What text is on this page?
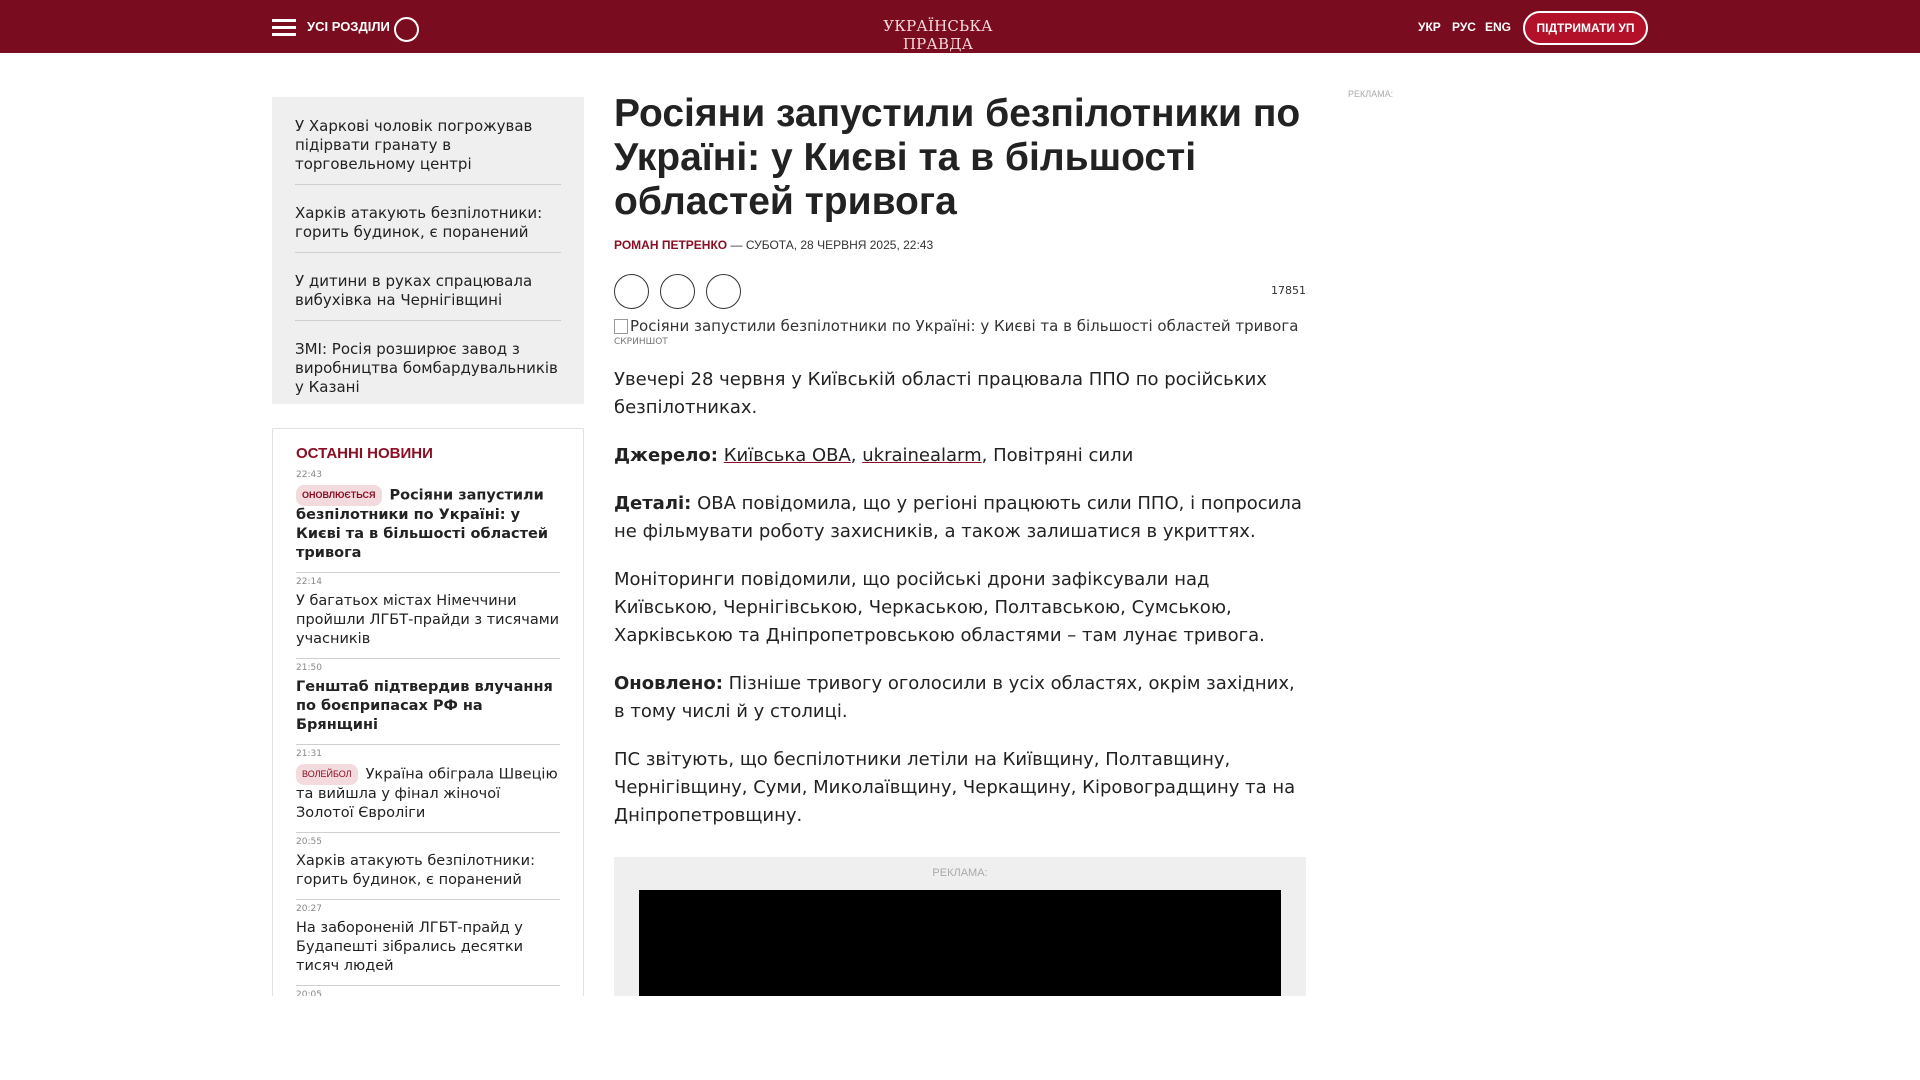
УСІ РОЗДІЛИ	УКРАЇНСЬКА ПРАВДА
УКР РУС ENG	ПІДТРИМАТИ УП
У Харкові чоловік погрожував підірвати гранату в торговельному центрі
Харків атакують безпілотники: горить будинок, є поранений
У дитини в руках спрацювала вибухівка на Чернігівщині
ЗМІ: Росія розширює завод з виробництва бомбардувальників у Казані
ОСТАННІ НОВИНИ
22:43
ОНОВЛЮЄТЬСЯ Росіяни запустили безпілотники по Україні: у Києві та в більшості областей тривога
22:14
У багатьох містах Німеччини пройшли ЛГБТ-прайди з тисячами учасників
21:50
Генштаб підтвердив влучання по боєприпасах РФ на Брянщині
21:31
ВОЛЕЙБОЛ Україна обіграла Швецію та вийшла у фінал жіночої Золотої Євроліги
20:55
Харків атакують безпілотники: горить будинок, є поранений
20:27
На забороненій ЛГБТ-прайд у Будапешті зібрались десятки тисяч людей
20:05
Росіяни запустили безпілотники по Україні: у Києві та в більшості областей тривога
РОМАН ПЕТРЕНКО — СУБОТА, 28 ЧЕРВНЯ 2025, 22:43
17851
Росіяни запустили безпілотники по Україні: у Києві та в більшості областей тривога
СКРИНШОТ

Увечері 28 червня у Київській області працювала ППО по російських безпілотниках.

Джерело: Київська ОВА, ukrainealarm, Повітряні сили

Деталі: ОВА повідомила, що у регіоні працюють сили ППО, і попросила не фільмувати роботу захисників, а також залишатися в укриттях.

Моніторинги повідомили, що російські дрони зафіксували над Київською, Чернігівською, Черкаською, Полтавською, Сумською, Харківською та Дніпропетровською областями – там лунає тривога.

Оновлено: Пізніше тривогу оголосили в усіх областях, окрім західних, в тому числі й у столиці.

ПС звітують, що беспілотники летіли на Київщину, Полтавщину, Чернігівщину, Суми, Миколаївщину, Черкащину, Кіровоградщину та на Дніпропетровщину.

РЕКЛАМА:
РЕКЛАМА:
